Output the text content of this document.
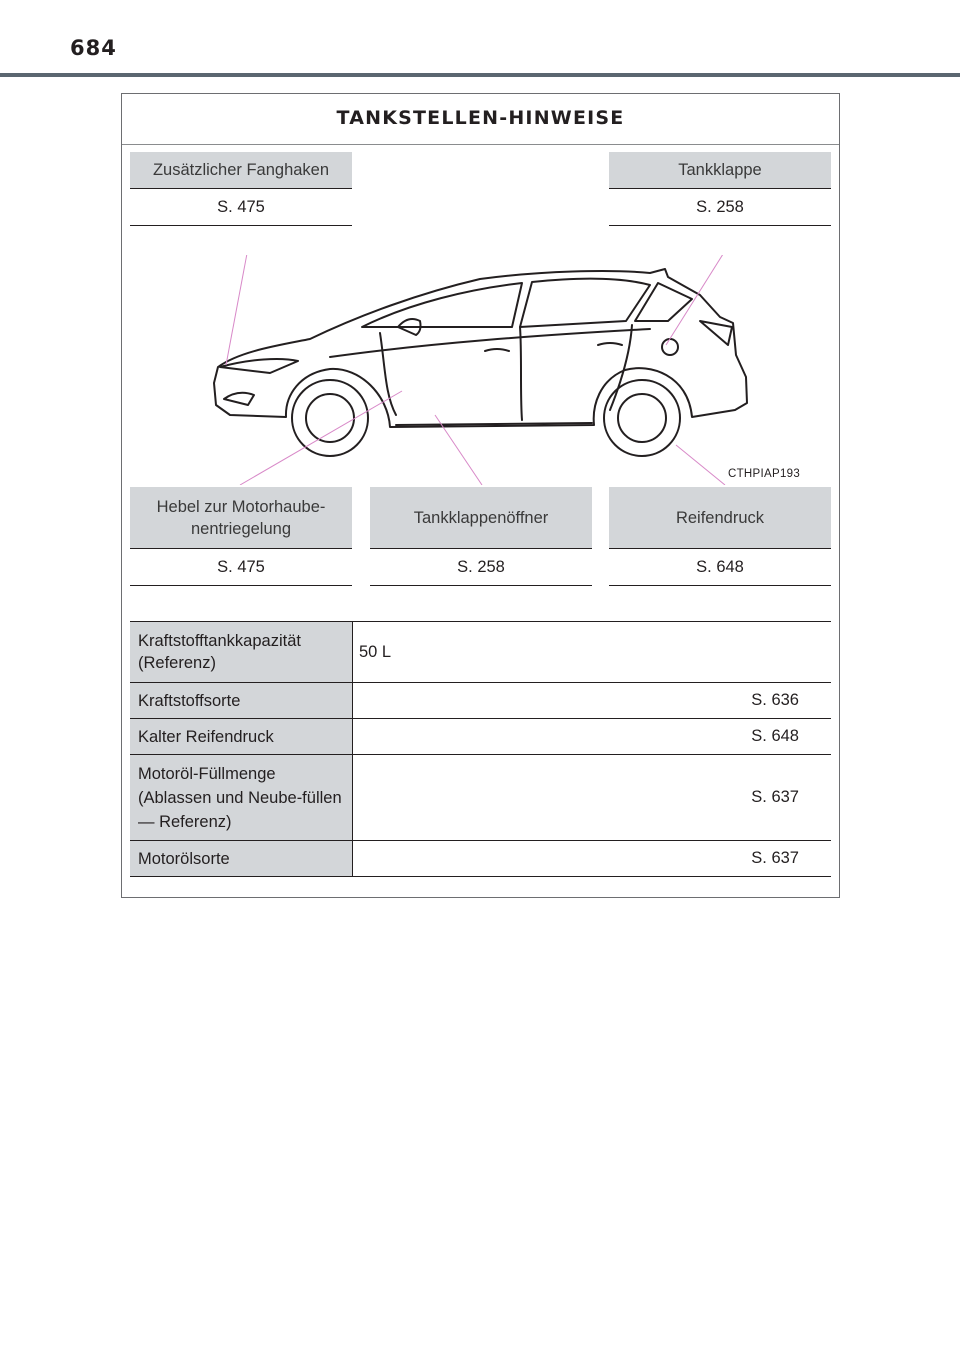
684
TANKSTELLEN-HINWEISE
Zusätzlicher Fanghaken
S. 475
Tankklappe
S. 258
CTHPIAP193
Hebel zur Motorhaube-nentriegelung
S. 475
Tankklappenöffner
S. 258
Reifendruck
S. 648
Kraftstofftankkapazität (Referenz)	50 L
Kraftstoffsorte	S. 636
Kalter Reifendruck	S. 648
Motoröl-Füllmenge (Ablassen und Neube-füllen — Referenz)	S. 637
Motorölsorte	S. 637
